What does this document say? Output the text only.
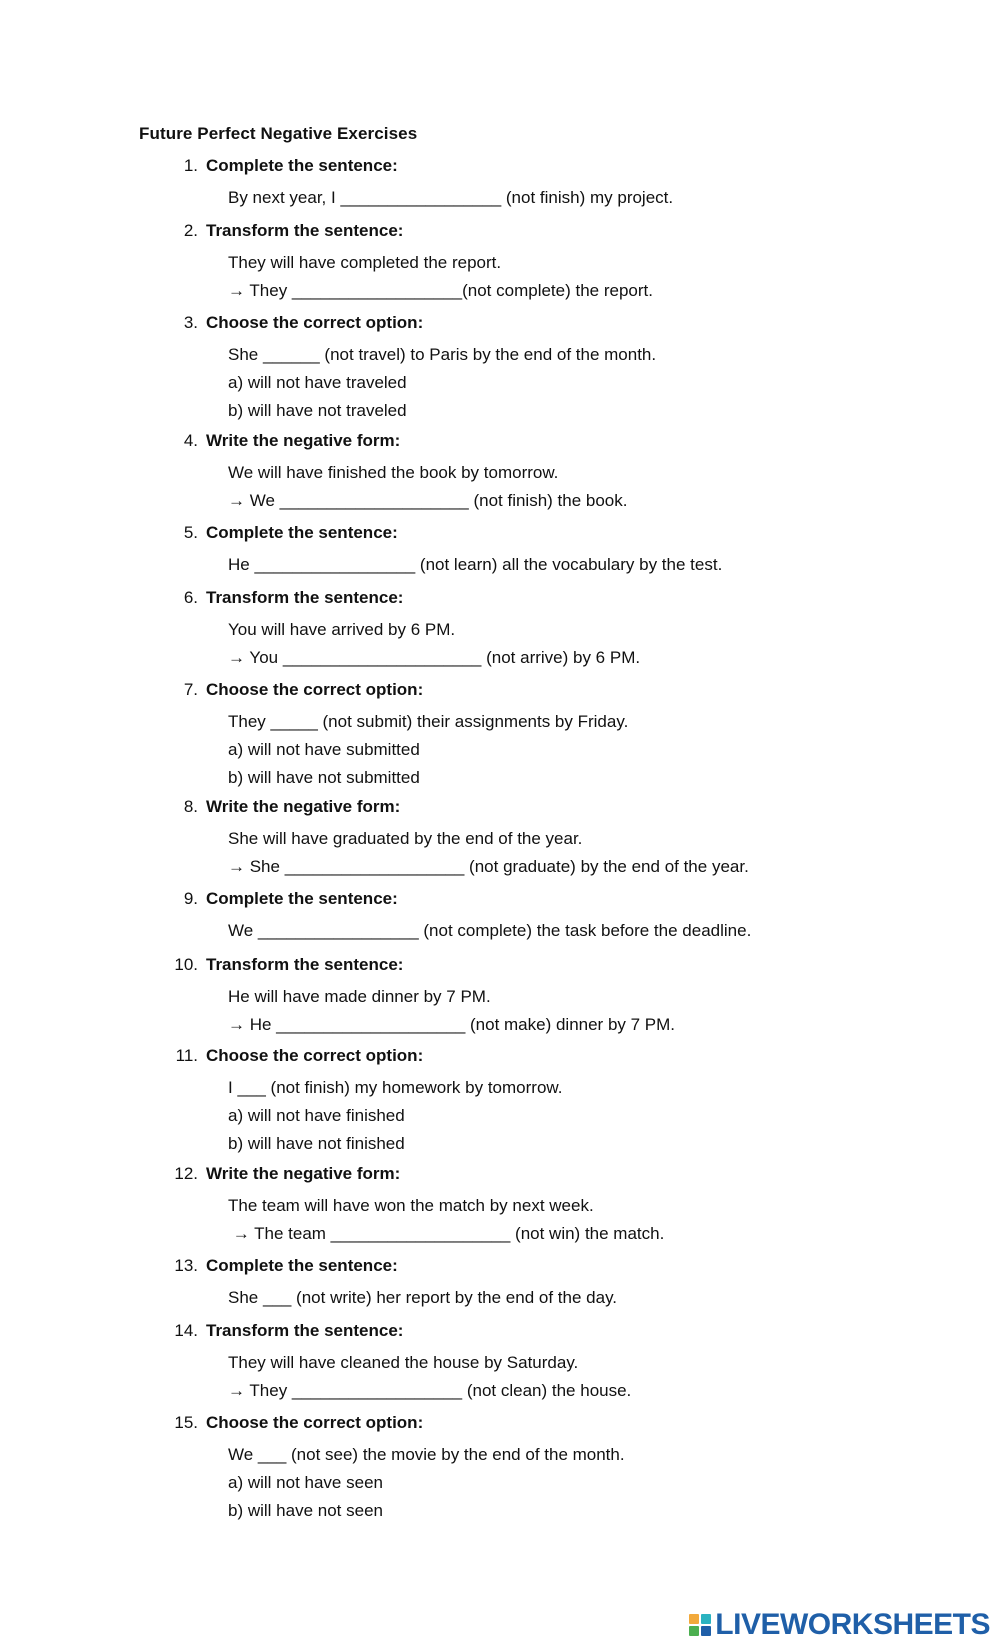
Future Perfect Negative Exercises
1. Complete the sentence:
By next year, I _________________ (not finish) my project.
2. Transform the sentence:
They will have completed the report.
→ They __________________(not complete) the report.
3. Choose the correct option:
She ______ (not travel) to Paris by the end of the month.
a) will not have traveled
b) will have not traveled
4. Write the negative form:
We will have finished the book by tomorrow.
→ We ____________________ (not finish) the book.
5. Complete the sentence:
He _________________ (not learn) all the vocabulary by the test.
6. Transform the sentence:
You will have arrived by 6 PM.
→ You _____________________ (not arrive) by 6 PM.
7. Choose the correct option:
They _____ (not submit) their assignments by Friday.
a) will not have submitted
b) will have not submitted
8. Write the negative form:
She will have graduated by the end of the year.
→ She ___________________ (not graduate) by the end of the year.
9. Complete the sentence:
We _________________ (not complete) the task before the deadline.
10. Transform the sentence:
He will have made dinner by 7 PM.
→ He ____________________ (not make) dinner by 7 PM.
11. Choose the correct option:
I ___ (not finish) my homework by tomorrow.
a) will not have finished
b) will have not finished
12. Write the negative form:
The team will have won the match by next week.
→ The team ___________________ (not win) the match.
13. Complete the sentence:
She ___ (not write) her report by the end of the day.
14. Transform the sentence:
They will have cleaned the house by Saturday.
→ They __________________ (not clean) the house.
15. Choose the correct option:
We ___ (not see) the movie by the end of the month.
a) will not have seen
b) will have not seen
LIVEWORKSHEETS
